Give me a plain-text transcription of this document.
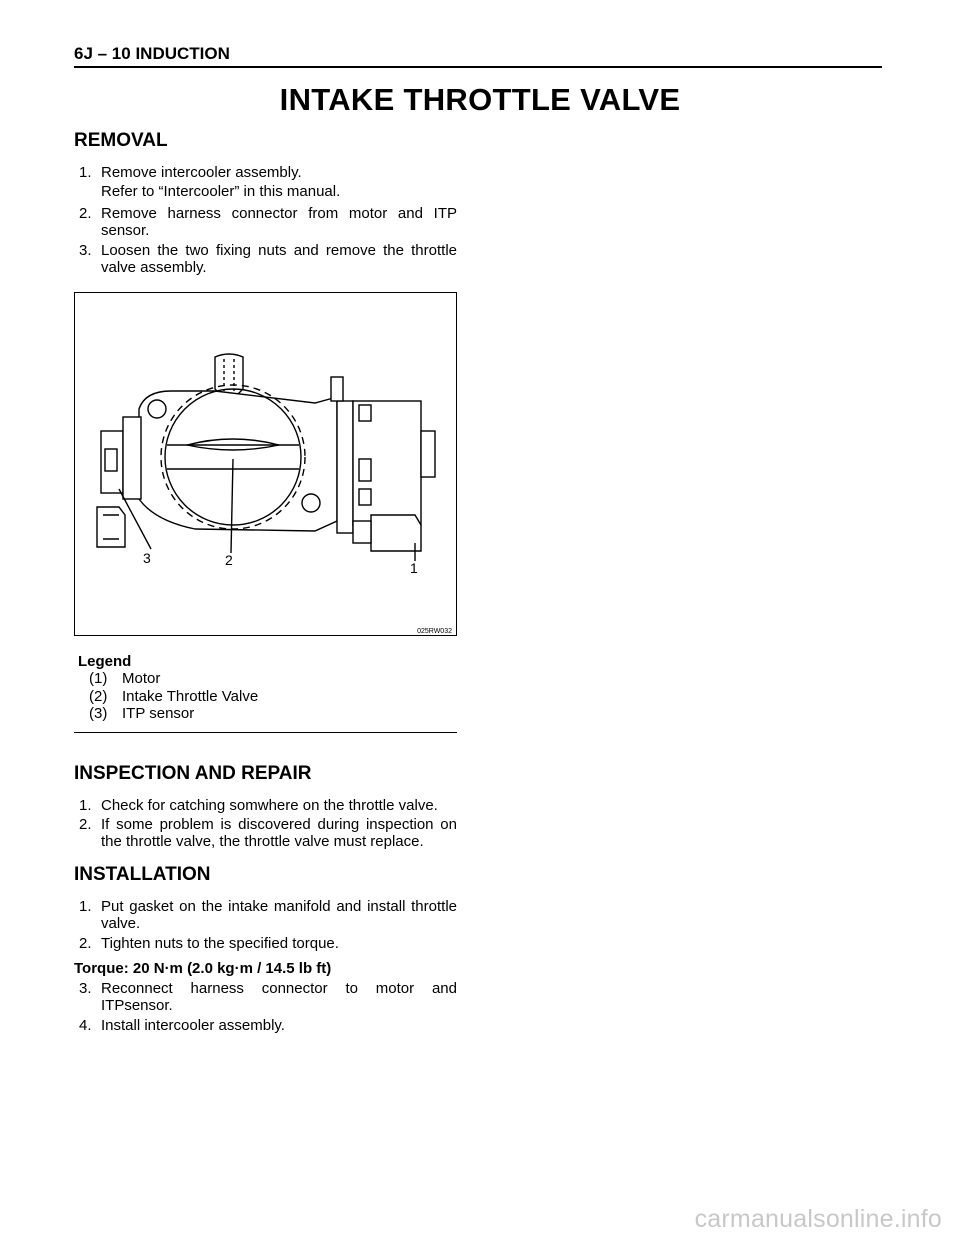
6J – 10 INDUCTION
INTAKE THROTTLE VALVE
REMOVAL
1. Remove intercooler assembly.
Refer to “Intercooler” in this manual.
2. Remove harness connector from motor and ITP sensor.
3. Loosen the two fixing nuts and remove the throttle valve assembly.
3	2	1
025RW032
Legend
(1) Motor
(2) Intake Throttle Valve
(3) ITP sensor
INSPECTION AND REPAIR
1. Check for catching somwhere on the throttle valve.
2. If some problem is discovered during inspection on the throttle valve, the throttle valve must replace.
INSTALLATION
1. Put gasket on the intake manifold and install throttle valve.
2. Tighten nuts to the specified torque.
Torque: 20 N·m (2.0 kg·m / 14.5 lb ft)
3. Reconnect harness connector to motor and ITPsensor.
4. Install intercooler assembly.
carmanualsonline.info
